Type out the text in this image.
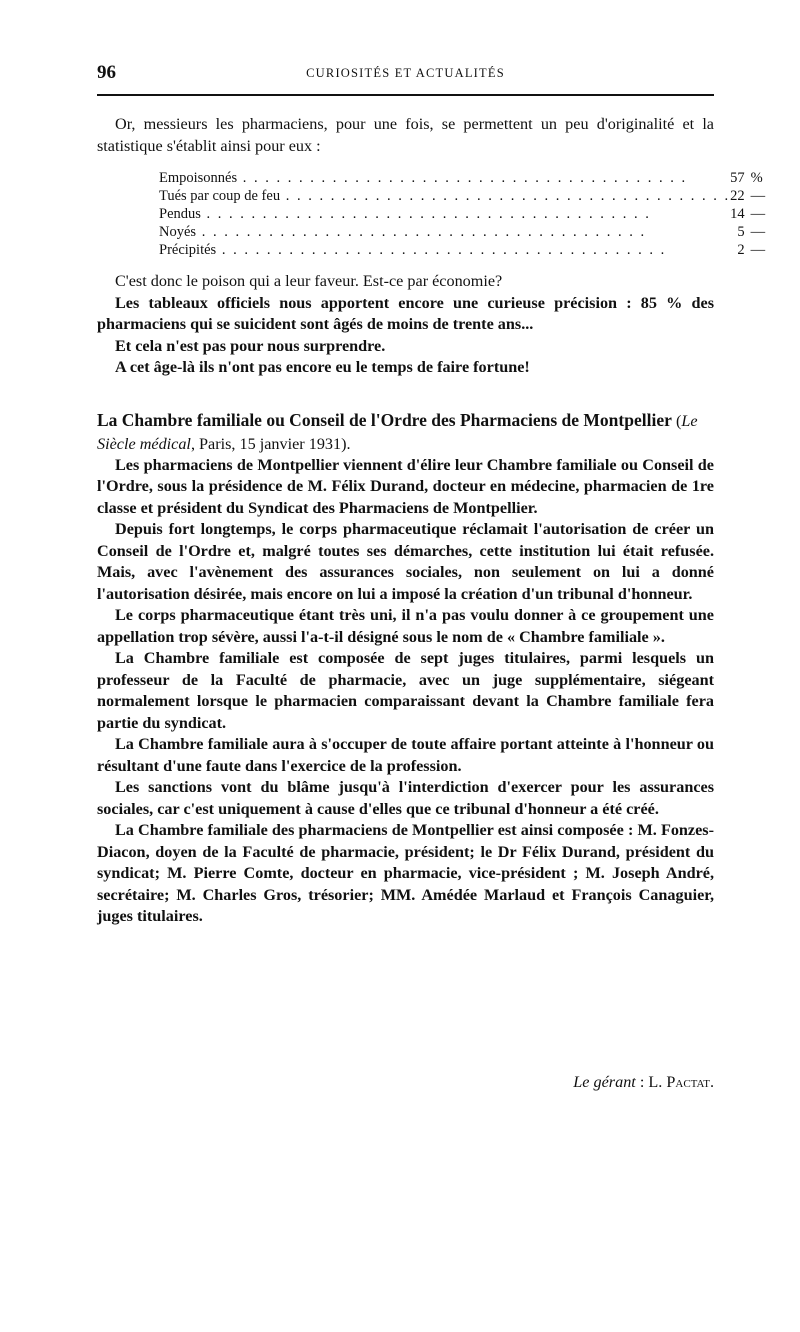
96	CURIOSITÉS ET ACTUALITÉS

Or, messieurs les pharmaciens, pour une fois, se permettent un peu d'originalité et la statistique s'établit ainsi pour eux :

Empoisonnés . . . . . . . . . . . . . . . . . . . . . . . . . . . . . . . . . . . . . . . .	57	%
Tués par coup de feu . . . . . . . . . . . . . . . . . . . . . . . . . . . . . . . . . . . . . . . .	22	—
Pendus . . . . . . . . . . . . . . . . . . . . . . . . . . . . . . . . . . . . . . . .	14	—
Noyés . . . . . . . . . . . . . . . . . . . . . . . . . . . . . . . . . . . . . . . .	5	—
Précipités . . . . . . . . . . . . . . . . . . . . . . . . . . . . . . . . . . . . . . . .	2	—

C'est donc le poison qui a leur faveur. Est-ce par économie?

Les tableaux officiels nous apportent encore une curieuse précision : 85 % des pharmaciens qui se suicident sont âgés de moins de trente ans...

Et cela n'est pas pour nous surprendre.

A cet âge-là ils n'ont pas encore eu le temps de faire fortune!

La Chambre familiale ou Conseil de l'Ordre des Pharmaciens de Montpellier (Le Siècle médical, Paris, 15 janvier 1931).

Les pharmaciens de Montpellier viennent d'élire leur Chambre familiale ou Conseil de l'Ordre, sous la présidence de M. Félix Durand, docteur en médecine, pharmacien de 1re classe et président du Syndicat des Pharmaciens de Montpellier.

Depuis fort longtemps, le corps pharmaceutique réclamait l'autorisation de créer un Conseil de l'Ordre et, malgré toutes ses démarches, cette institution lui était refusée. Mais, avec l'avènement des assurances sociales, non seulement on lui a donné l'autorisation désirée, mais encore on lui a imposé la création d'un tribunal d'honneur.

Le corps pharmaceutique étant très uni, il n'a pas voulu donner à ce groupement une appellation trop sévère, aussi l'a-t-il désigné sous le nom de « Chambre familiale ».

La Chambre familiale est composée de sept juges titulaires, parmi lesquels un professeur de la Faculté de pharmacie, avec un juge supplémentaire, siégeant normalement lorsque le pharmacien comparaissant devant la Chambre familiale fera partie du syndicat.

La Chambre familiale aura à s'occuper de toute affaire portant atteinte à l'honneur ou résultant d'une faute dans l'exercice de la profession.

Les sanctions vont du blâme jusqu'à l'interdiction d'exercer pour les assurances sociales, car c'est uniquement à cause d'elles que ce tribunal d'honneur a été créé.

La Chambre familiale des pharmaciens de Montpellier est ainsi composée : M. Fonzes-Diacon, doyen de la Faculté de pharmacie, président; le Dr Félix Durand, président du syndicat; M. Pierre Comte, docteur en pharmacie, vice-président ; M. Joseph André, secrétaire; M. Charles Gros, trésorier; MM. Amédée Marlaud et François Canaguier, juges titulaires.

Le gérant : L. Pactat.
